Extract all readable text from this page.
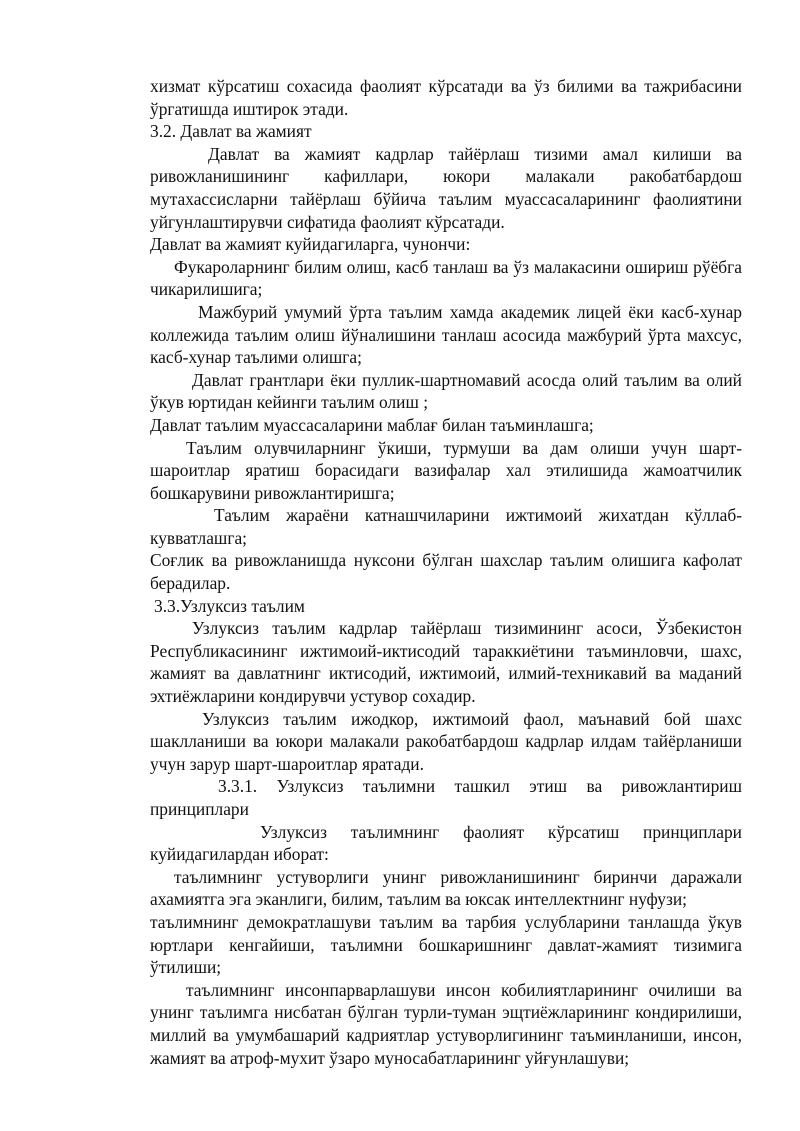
хизмат кўрсатиш сохасида фаолият кўрсатади ва ўз билими ва тажрибасини ўргатишда иштирок этади.

3.2. Давлат ва жамият

Давлат ва жамият кадрлар тайёрлаш тизими амал килиши ва ривожланишининг кафиллари, юкори малакали ракобатбардош мутахассисларни тайёрлаш бўйича таълим муассасаларининг фаолиятини уйгунлаштирувчи сифатида фаолият кўрсатади.

Давлат ва жамият куйидагиларга, чунончи:

Фукароларнинг билим олиш, касб танлаш ва ўз малакасини ошириш рўёбга чикарилишига;

Мажбурий умумий ўрта таълим хамда академик лицей ёки касб-хунар коллежида таълим олиш йўналишини танлаш асосида мажбурий ўрта махсус, касб-хунар таълими олишга;

Давлат грантлари ёки пуллик-шартномавий асосда олий таълим ва олий ўкув юртидан кейинги таълим олиш ;

Давлат таълим муассасаларини маблағ билан таъминлашга;

Таълим олувчиларнинг ўкиши, турмуши ва дам олиши учун шарт-шароитлар яратиш борасидаги вазифалар хал этилишида жамоатчилик бошкарувини ривожлантиришга;

Таълим жараёни катнашчиларини ижтимоий жихатдан кўллаб-кувватлашга;

Соғлик ва ривожланишда нуксони бўлган шахслар таълим олишига кафолат берадилар.

3.3.Узлуксиз таълим

Узлуксиз таълим кадрлар тайёрлаш тизимининг асоси, Ўзбекистон Республикасининг ижтимоий-иктисодий тараккиётини таъминловчи, шахс, жамият ва давлатнинг иктисодий, ижтимоий, илмий-техникавий ва маданий эхтиёжларини кондирувчи устувор сохадир.

Узлуксиз таълим ижодкор, ижтимоий фаол, маънавий бой шахс шаклланиши ва юкори малакали ракобатбардош кадрлар илдам тайёрланиши учун зарур шарт-шароитлар яратади.

3.3.1. Узлуксиз таълимни ташкил этиш ва ривожлантириш принциплари

Узлуксиз таълимнинг фаолият кўрсатиш принциплари куйидагилардан иборат:

таълимнинг устуворлиги унинг ривожланишининг биринчи даражали ахамиятга эга эканлиги, билим, таълим ва юксак интеллектнинг нуфузи;

таълимнинг демократлашуви таълим ва тарбия услубларини танлашда ўкув юртлари кенгайиши, таълимни бошкаришнинг давлат-жамият тизимига ўтилиши;

таълимнинг инсонпарварлашуви инсон кобилиятларининг очилиши ва унинг таълимга нисбатан бўлган турли-туман эщтиёжларининг кондирилиши, миллий ва умумбашарий кадриятлар устуворлигининг таъминланиши, инсон, жамият ва атроф-мухит ўзаро муносабатларининг уйғунлашуви;
